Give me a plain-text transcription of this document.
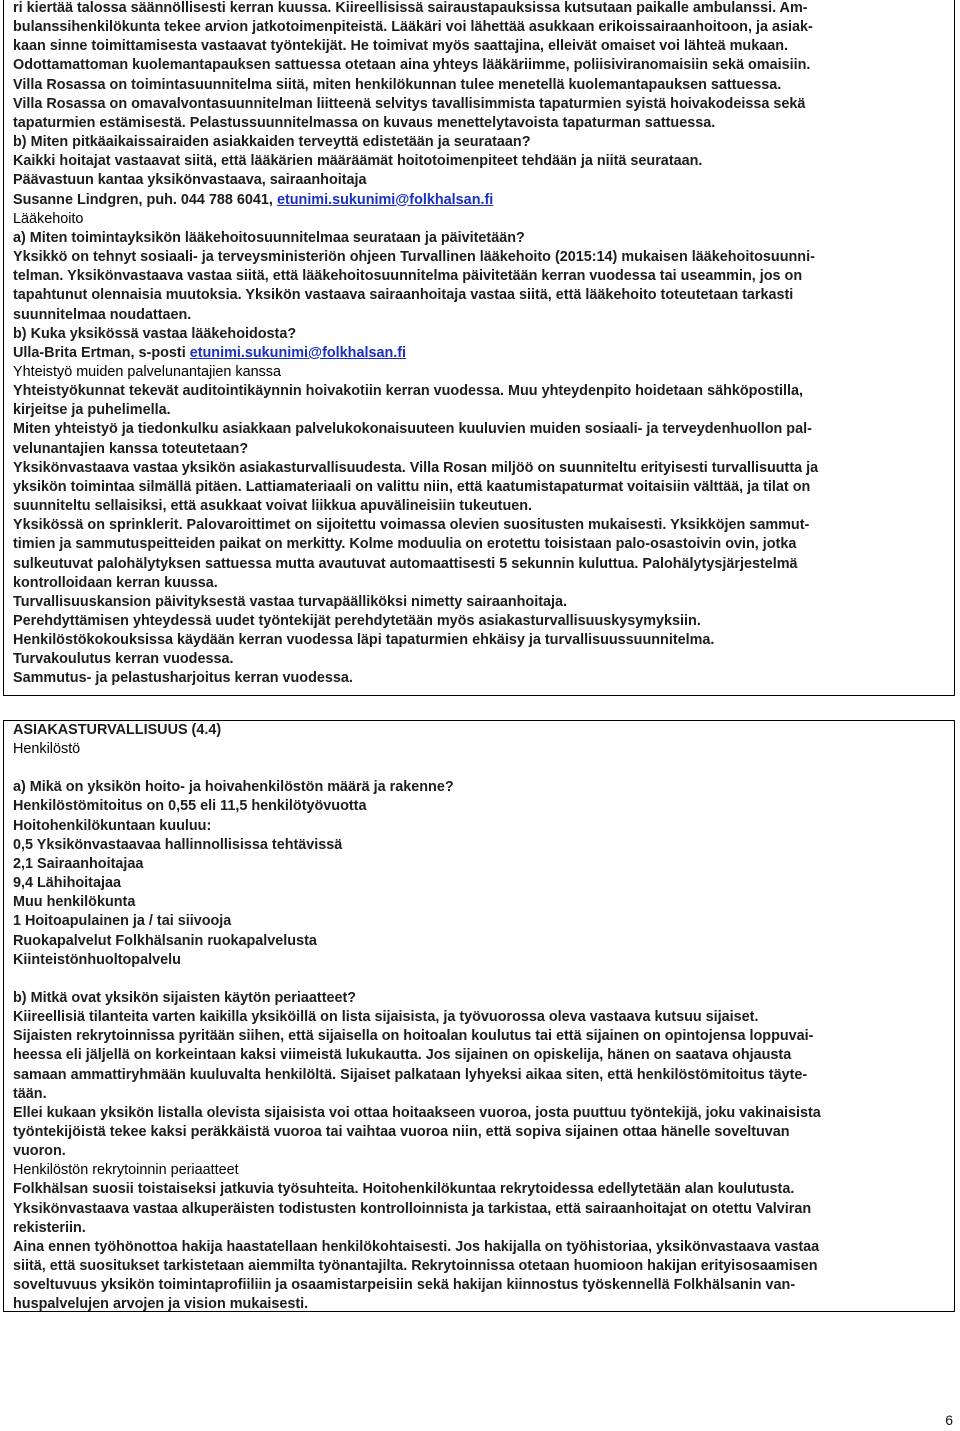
ri kiertää talossa säännöllisesti kerran kuussa. Kiireellisissä sairaustapauksissa kutsutaan paikalle ambulanssi. Am-
bulanssihenkilökunta tekee arvion jatkotoimenpiteistä. Lääkäri voi lähettää asukkaan erikoissairaanhoitoon, ja asiak-
kaan sinne toimittamisesta vastaavat työntekijät. He toimivat myös saattajina, elleivät omaiset voi lähteä mukaan.
Odottamattoman kuolemantapauksen sattuessa otetaan aina yhteys lääkäriimme, poliisiviranomaisiin sekä omaisiin.
Villa Rosassa on toimintasuunnitelma siitä, miten henkilökunnan tulee menetellä kuolemantapauksen sattuessa.
Villa Rosassa on omavalvontasuunnitelman liitteenä selvitys tavallisimmista tapaturmien syistä hoivakodeissa sekä
tapaturmien estämisestä. Pelastussuunnitelmassa on kuvaus menettelytavoista tapaturman sattuessa.
b) Miten pitkäaikaissairaiden asiakkaiden terveyttä edistetään ja seurataan?
Kaikki hoitajat vastaavat siitä, että lääkärien määräämät hoitotoimenpiteet tehdään ja niitä seurataan.
Päävastuun kantaa yksikönvastaava, sairaanhoitaja
Susanne Lindgren, puh. 044 788 6041, etunimi.sukunimi@folkhalsan.fi
Lääkehoito
a) Miten toimintayksikön lääkehoitosuunnitelmaa seurataan ja päivitetään?
Yksikkö on tehnyt sosiaali- ja terveysministeriön ohjeen Turvallinen lääkehoito (2015:14) mukaisen lääkehoitosuunni-
telman. Yksikönvastaava vastaa siitä, että lääkehoitosuunnitelma päivitetään kerran vuodessa tai useammin, jos on
tapahtunut olennaisia muutoksia. Yksikön vastaava sairaanhoitaja vastaa siitä, että lääkehoito toteutetaan tarkasti
suunnitelmaa noudattaen.
b) Kuka yksikössä vastaa lääkehoidosta?
Ulla-Brita Ertman, s-posti etunimi.sukunimi@folkhalsan.fi
Yhteistyö muiden palvelunantajien kanssa
Yhteistyökunnat tekevät auditointikäynnin hoivakotiin kerran vuodessa. Muu yhteydenpito hoidetaan sähköpostilla,
kirjeitse ja puhelimella.
Miten yhteistyö ja tiedonkulku asiakkaan palvelukokonaisuuteen kuuluvien muiden sosiaali- ja terveydenhuollon pal-
velunantajien kanssa toteutetaan?
Yksikönvastaava vastaa yksikön asiakasturvallisuudesta. Villa Rosan miljöö on suunniteltu erityisesti turvallisuutta ja
yksikön toimintaa silmällä pitäen. Lattiamateriaali on valittu niin, että kaatumistapaturmat voitaisiin välttää, ja tilat on
suunniteltu sellaisiksi, että asukkaat voivat liikkua apuvälineisiin tukeutuen.
Yksikössä on sprinklerit. Palovaroittimet on sijoitettu voimassa olevien suositusten mukaisesti. Yksikköjen sammut-
timien ja sammutuspeitteiden paikat on merkitty. Kolme moduulia on erotettu toisistaan palo-osastoivin ovin, jotka
sulkeutuvat palohälytyksen sattuessa mutta avautuvat automaattisesti 5 sekunnin kuluttua. Palohälytysjärjestelmä
kontrolloidaan kerran kuussa.
Turvallisuuskansion päivityksestä vastaa turvapäälliköksi nimetty sairaanhoitaja.
Perehdyttämisen yhteydessä uudet työntekijät perehdytetään myös asiakasturvallisuuskysymyksiin.
Henkilöstökokouksissa käydään kerran vuodessa läpi tapaturmien ehkäisy ja turvallisuussuunnitelma.
Turvakoulutus kerran vuodessa.
Sammutus- ja pelastusharjoitus kerran vuodessa.
ASIAKASTURVALLISUUS (4.4)
Henkilöstö
a) Mikä on yksikön hoito- ja hoivahenkilöstön määrä ja rakenne?
Henkilöstömitoitus on 0,55 eli 11,5 henkilötyövuotta
Hoitohenkilökuntaan kuuluu:
0,5 Yksikönvastaavaa hallinnollisissa tehtävissä
2,1 Sairaanhoitajaa
9,4 Lähihoitajaa
Muu henkilökunta
1 Hoitoapulainen ja / tai siivooja
Ruokapalvelut Folkhälsanin ruokapalvelusta
Kiinteistönhuoltopalvelu
b) Mitkä ovat yksikön sijaisten käytön periaatteet?
Kiireellisiä tilanteita varten kaikilla yksiköillä on lista sijaisista, ja työvuorossa oleva vastaava kutsuu sijaiset.
Sijaisten rekrytoinnissa pyritään siihen, että sijaisella on hoitoalan koulutus tai että sijainen on opintojensa loppuvai-
heessa eli jäljellä on korkeintaan kaksi viimeistä lukukautta. Jos sijainen on opiskelija, hänen on saatava ohjausta
samaan ammattiryhmään kuuluvalta henkilöltä. Sijaiset palkataan lyhyeksi aikaa siten, että henkilöstömitoitus täyte-
tään.
Ellei kukaan yksikön listalla olevista sijaisista voi ottaa hoitaakseen vuoroa, josta puuttuu työntekijä, joku vakinaisista
työntekijöistä tekee kaksi peräkkäistä vuoroa tai vaihtaa vuoroa niin, että sopiva sijainen ottaa hänelle soveltuvan
vuoron.
Henkilöstön rekrytoinnin periaatteet
Folkhälsan suosii toistaiseksi jatkuvia työsuhteita. Hoitohenkilökuntaa rekrytoidessa edellytetään alan koulutusta.
Yksikönvastaava vastaa alkuperäisten todistusten kontrolloinnista ja tarkistaa, että sairaanhoitajat on otettu Valviran
rekisteriin.
Aina ennen työhönottoa hakija haastatellaan henkilökohtaisesti. Jos hakijalla on työhistoriaa, yksikönvastaava vastaa
siitä, että suositukset tarkistetaan aiemmilta työnantajilta. Rekrytoinnissa otetaan huomioon hakijan erityisosaamisen
soveltuvuus yksikön toimintaprofiiliin ja osaamistarpeisiin sekä hakijan kiinnostus työskennellä Folkhälsanin van-
huspalvelujen arvojen ja vision mukaisesti.
6
